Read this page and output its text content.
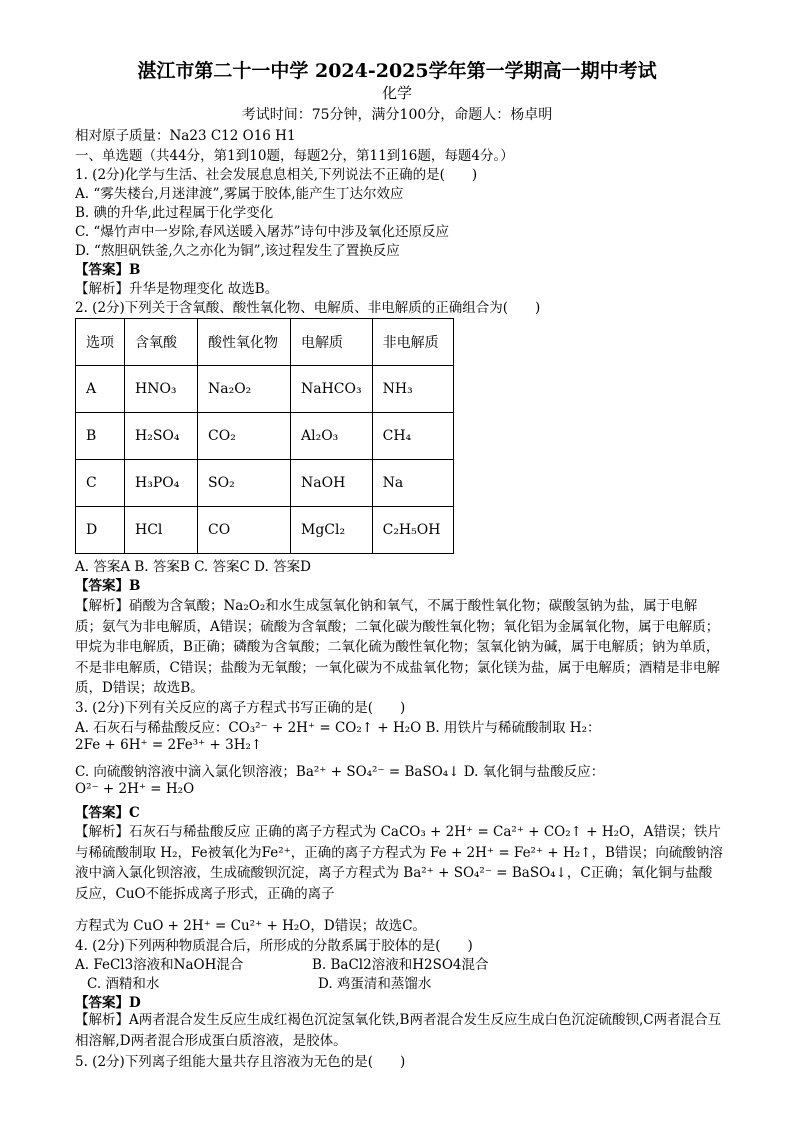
湛江市第二十一中学 2024-2025学年第一学期高一期中考试
化学
考试时间：75分钟，满分100分，命题人：杨卓明
相对原子质量：Na23 C12 O16 H1
一、单选题（共44分，第1到10题，每题2分，第11到16题，每题4分。）
1. (2分)化学与生活、社会发展息息相关,下列说法不正确的是(　　)
A. “雾失楼台,月迷津渡”,雾属于胶体,能产生丁达尔效应
B. 碘的升华,此过程属于化学变化
C. “爆竹声中一岁除,春风送暖入屠苏”诗句中涉及氧化还原反应
D. “熬胆矾铁釜,久之亦化为铜”,该过程发生了置换反应
【答案】B
【解析】升华是物理变化 故选B。
2. (2分)下列关于含氧酸、酸性氧化物、电解质、非电解质的正确组合为(　　)
选项	含氧酸	酸性氧化物	电解质	非电解质
A	HNO₃	Na₂O₂	NaHCO₃	NH₃
B	H₂SO₄	CO₂	Al₂O₃	CH₄
C	H₃PO₄	SO₂	NaOH	Na
D	HCl	CO	MgCl₂	C₂H₅OH
A. 答案A B. 答案B C. 答案C D. 答案D
【答案】B
【解析】硝酸为含氧酸；Na₂O₂和水生成氢氧化钠和氧气，不属于酸性氧化物；碳酸氢钠为盐，属于电解质；氨气为非电解质，A错误；硫酸为含氧酸；二氧化碳为酸性氧化物；氧化铝为金属氧化物，属于电解质；甲烷为非电解质，B正确；磷酸为含氧酸；二氧化硫为酸性氧化物；氢氧化钠为碱，属于电解质；钠为单质，不是非电解质，C错误；盐酸为无氧酸；一氧化碳为不成盐氧化物；氯化镁为盐，属于电解质；酒精是非电解质，D错误；故选B。
3. (2分)下列有关反应的离子方程式书写正确的是(　　)
A. 石灰石与稀盐酸反应：CO₃²⁻ + 2H⁺ = CO₂↑ + H₂O B. 用铁片与稀硫酸制取 H₂：
2Fe + 6H⁺ = 2Fe³⁺ + 3H₂↑
C. 向硫酸钠溶液中滴入氯化钡溶液；Ba²⁺ + SO₄²⁻ = BaSO₄↓ D. 氧化铜与盐酸反应：
O²⁻ + 2H⁺ = H₂O
【答案】C
【解析】石灰石与稀盐酸反应 正确的离子方程式为 CaCO₃ + 2H⁺ = Ca²⁺ + CO₂↑ + H₂O，A错误；铁片与稀硫酸制取 H₂，Fe被氧化为Fe²⁺，正确的离子方程式为 Fe + 2H⁺ = Fe²⁺ + H₂↑，B错误；向硫酸钠溶液中滴入氯化钡溶液，生成硫酸钡沉淀，离子方程式为 Ba²⁺ + SO₄²⁻ = BaSO₄↓，C正确；氧化铜与盐酸反应，CuO不能拆成离子形式，正确的离子
方程式为 CuO + 2H⁺ = Cu²⁺ + H₂O，D错误；故选C。
4. (2分)下列两种物质混合后，所形成的分散系属于胶体的是(　　)
A. FeCl3溶液和NaOH混合	B. BaCl2溶液和H2SO4混合
C. 酒精和水	D. 鸡蛋清和蒸馏水
【答案】D
【解析】A两者混合发生反应生成红褐色沉淀氢氧化铁,B两者混合发生反应生成白色沉淀硫酸钡,C两者混合互相溶解,D两者混合形成蛋白质溶液，是胶体。
5. (2分)下列离子组能大量共存且溶液为无色的是(　　)
